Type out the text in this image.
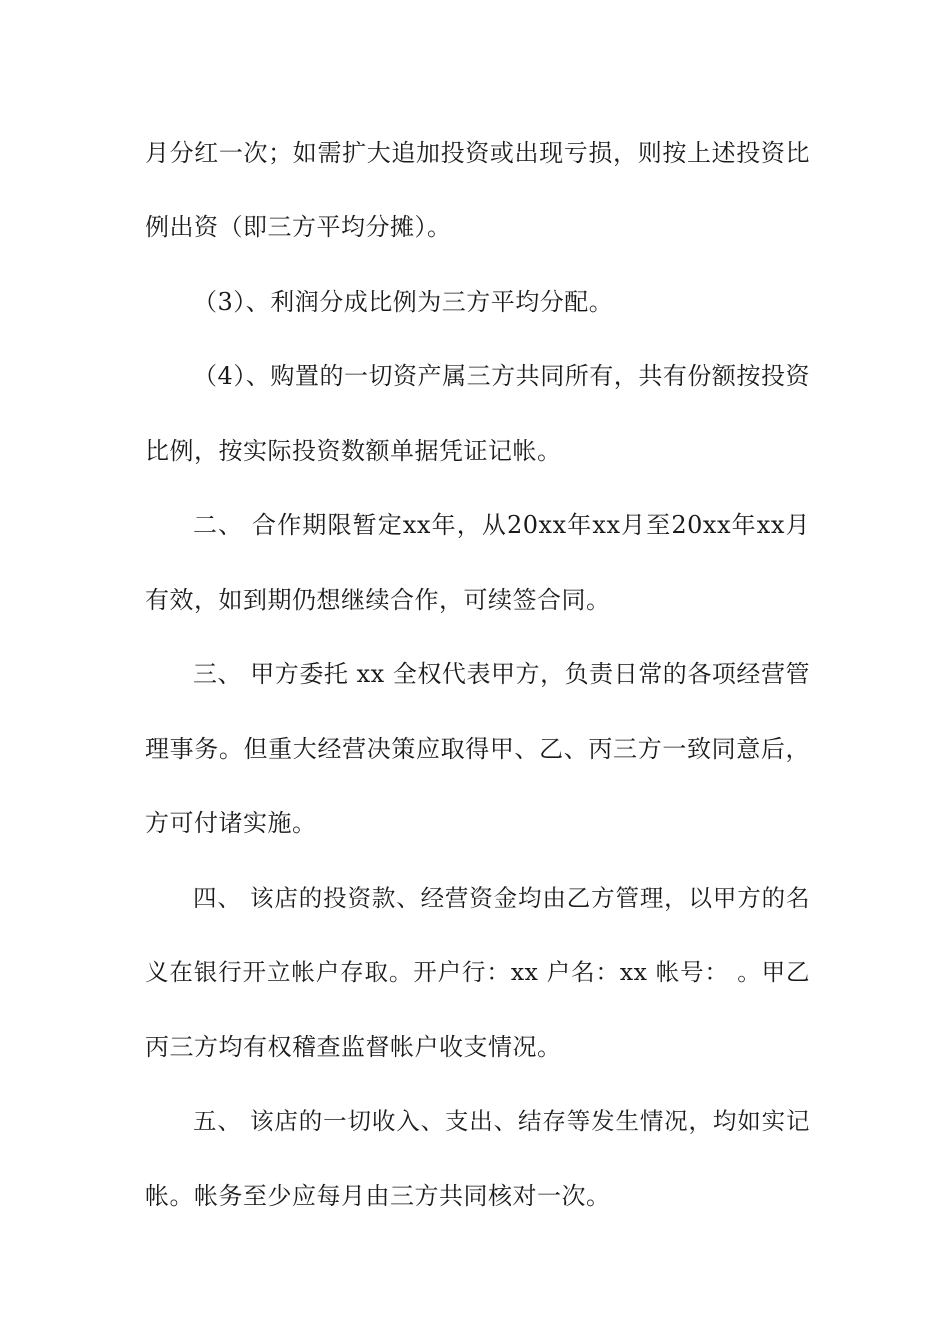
月分红一次；如需扩大追加投资或出现亏损，则按上述投资比
例出资（即三方平均分摊）。
（3）、利润分成比例为三方平均分配。
（4）、购置的一切资产属三方共同所有，共有份额按投资
比例，按实际投资数额单据凭证记帐。
二、 合作期限暂定xx年，从20xx年xx月至20xx年xx月
有效，如到期仍想继续合作，可续签合同。
三、 甲方委托 xx 全权代表甲方，负责日常的各项经营管
理事务。但重大经营决策应取得甲、乙、丙三方一致同意后，
方可付诸实施。
四、 该店的投资款、经营资金均由乙方管理，以甲方的名
义在银行开立帐户存取。开户行：xx 户名：xx 帐号： 。甲乙
丙三方均有权稽查监督帐户收支情况。
五、 该店的一切收入、支出、结存等发生情况，均如实记
帐。帐务至少应每月由三方共同核对一次。
